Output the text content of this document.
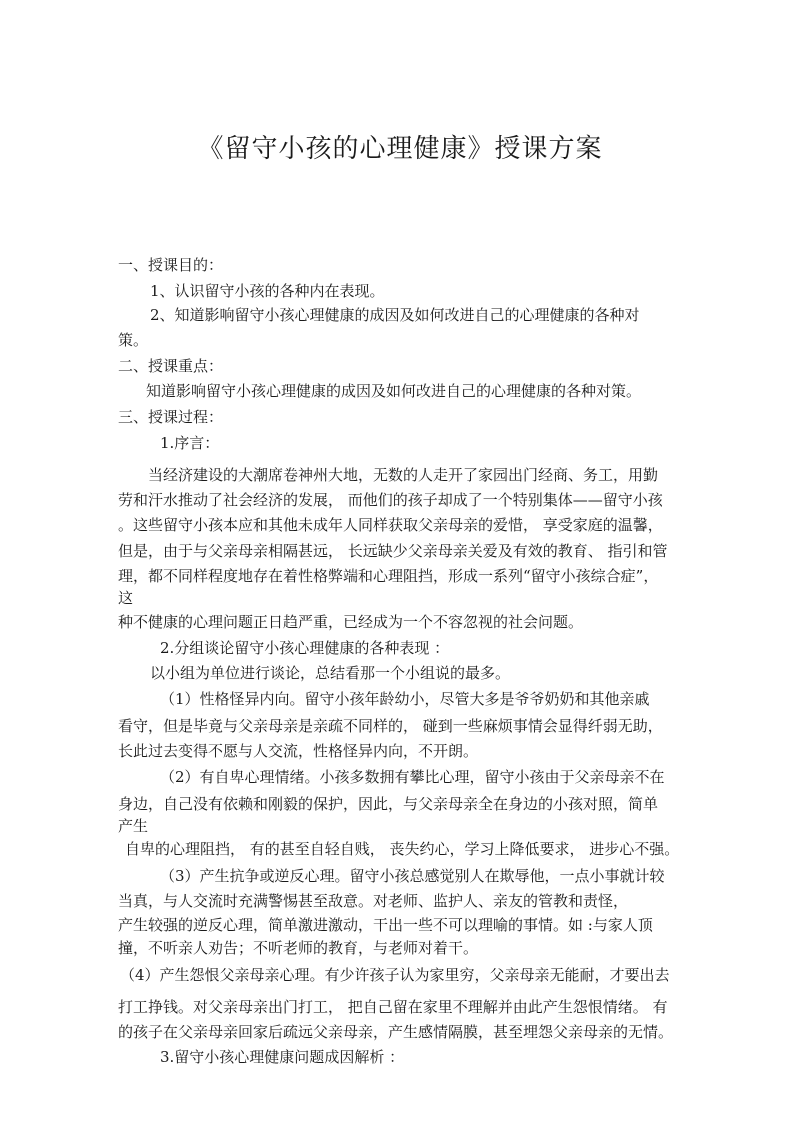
《留守小孩的心理健康》授课方案
一、授课目的：
1、认识留守小孩的各种内在表现。
2、知道影响留守小孩心理健康的成因及如何改进自己的心理健康的各种对
策。
二、授课重点：
知道影响留守小孩心理健康的成因及如何改进自己的心理健康的各种对策。
三、授课过程：
1.序言：
当经济建设的大潮席卷神州大地，无数的人走开了家园出门经商、务工，用勤
劳和汗水推动了社会经济的发展， 而他们的孩子却成了一个特别集体——留守小孩
。这些留守小孩本应和其他未成年人同样获取父亲母亲的爱惜， 享受家庭的温馨，
但是，由于与父亲母亲相隔甚远， 长远缺少父亲母亲关爱及有效的教育、 指引和管
理，都不同样程度地存在着性格弊端和心理阻挡，形成一系列“留守小孩综合症”，
这
种不健康的心理问题正日趋严重，已经成为一个不容忽视的社会问题。
2.分组谈论留守小孩心理健康的各种表现 ：
以小组为单位进行谈论，总结看那一个小组说的最多。
（1）性格怪异内向。留守小孩年龄幼小，尽管大多是爷爷奶奶和其他亲戚
看守，但是毕竟与父亲母亲是亲疏不同样的， 碰到一些麻烦事情会显得纤弱无助，
长此过去变得不愿与人交流，性格怪异内向，不开朗。
（2）有自卑心理情绪。小孩多数拥有攀比心理，留守小孩由于父亲母亲不在
身边，自己没有依赖和刚毅的保护，因此，与父亲母亲全在身边的小孩对照，简单
产生
自卑的心理阻挡， 有的甚至自轻自贱， 丧失约心，学习上降低要求， 进步心不强。
（3）产生抗争或逆反心理。留守小孩总感觉别人在欺辱他，一点小事就计较
当真，与人交流时充满警惕甚至敌意。对老师、监护人、亲友的管教和责怪，
产生较强的逆反心理，简单激进激动，干出一些不可以理喻的事情。如 :与家人顶
撞，不听亲人劝告；不听老师的教育，与老师对着干。
（4）产生怨恨父亲母亲心理。有少许孩子认为家里穷，父亲母亲无能耐，才要出去
打工挣钱。对父亲母亲出门打工， 把自己留在家里不理解并由此产生怨恨情绪。 有
的孩子在父亲母亲回家后疏远父亲母亲，产生感情隔膜，甚至埋怨父亲母亲的无情。
3.留守小孩心理健康问题成因解析 ：
